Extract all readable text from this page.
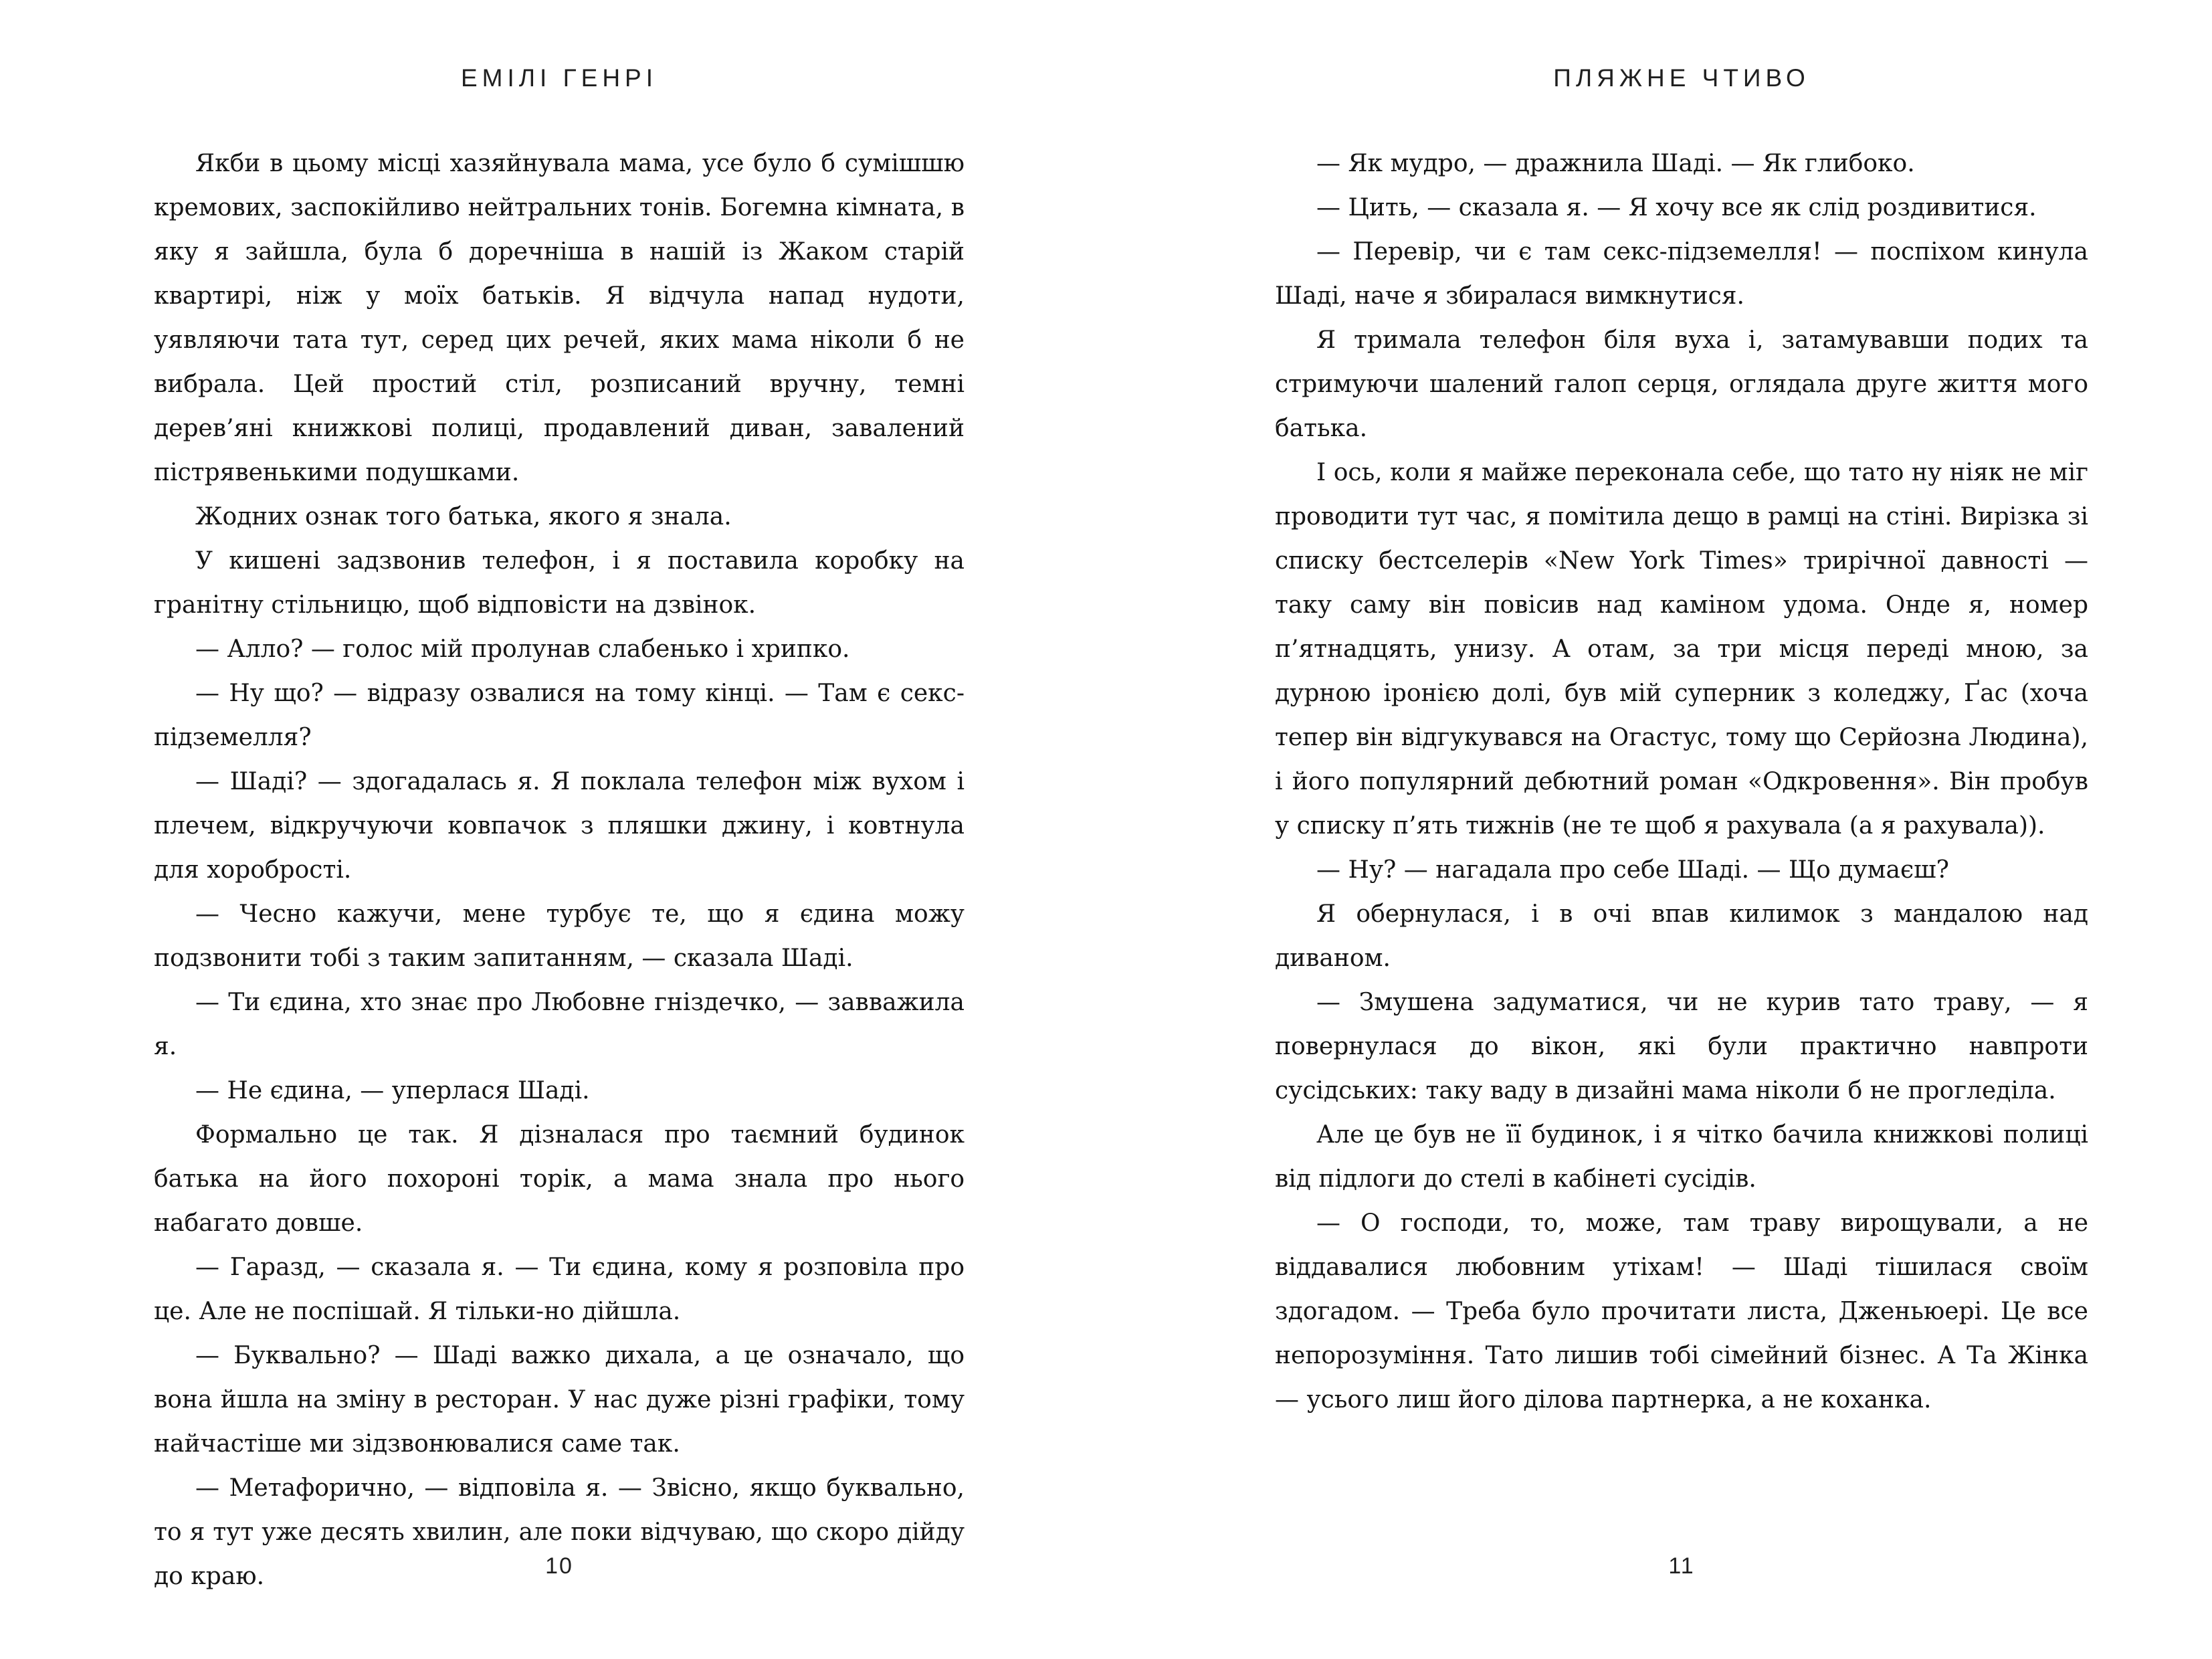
ЕМІЛІ ГЕНРІ

Якби в цьому місці хазяйнувала мама, усе було б сумішшю кремових, заспокійливо нейтральних тонів. Богемна кімната, в яку я зайшла, була б доречніша в нашій із Жаком старій квартирі, ніж у моїх батьків. Я відчула напад нудоти, уявляючи тата тут, серед цих речей, яких мама ніколи б не вибрала. Цей простий стіл, розписаний вручну, темні дерев’яні книжкові полиці, продавлений диван, завалений пістрявенькими подушками.

Жодних ознак того батька, якого я знала.

У кишені задзвонив телефон, і я поставила коробку на гранітну стільницю, щоб відповісти на дзвінок.

— Алло? — голос мій пролунав слабенько і хрипко.

— Ну що? — відразу озвалися на тому кінці. — Там є секс-підземелля?

— Шаді? — здогадалась я. Я поклала телефон між вухом і плечем, відкручуючи ковпачок з пляшки джину, і ковтнула для хоробрості.

— Чесно кажучи, мене турбує те, що я єдина можу подзвонити тобі з таким запитанням, — сказала Шаді.

— Ти єдина, хто знає про Любовне гніздечко, — завважила я.

— Не єдина, — уперлася Шаді.

Формально це так. Я дізналася про таємний будинок батька на його похороні торік, а мама знала про нього набагато довше.

— Гаразд, — сказала я. — Ти єдина, кому я розповіла про це. Але не поспішай. Я тільки-но дійшла.

— Буквально? — Шаді важко дихала, а це означало, що вона йшла на зміну в ресторан. У нас дуже різні графіки, тому найчастіше ми зідзвонювалися саме так.

— Метафорично, — відповіла я. — Звісно, якщо буквально, то я тут уже десять хвилин, але поки відчуваю, що скоро дійду до краю.	10
ПЛЯЖНЕ ЧТИВО

— Як мудро, — дражнила Шаді. — Як глибоко.

— Цить, — сказала я. — Я хочу все як слід роздивитися.

— Перевір, чи є там секс-підземелля! — поспіхом кинула Шаді, наче я збиралася вимкнутися.

Я тримала телефон біля вуха і, затамувавши подих та стримуючи шалений галоп серця, оглядала друге життя мого батька.

І ось, коли я майже переконала себе, що тато ну ніяк не міг проводити тут час, я помітила дещо в рамці на стіні. Вирізка зі списку бестселерів «New York Times» трирічної давності — таку саму він повісив над каміном удома. Онде я, номер п’ятнадцять, унизу. А отам, за три місця переді мною, за дурною іронією долі, був мій суперник з коледжу, Ґас (хоча тепер він відгукувався на Огастус, тому що Серйозна Людина), і його популярний дебютний роман «Одкровення». Він пробув у списку п’ять тижнів (не те щоб я рахувала (а я рахувала)).

— Ну? — нагадала про себе Шаді. — Що думаєш?

Я обернулася, і в очі впав килимок з мандалою над диваном.

— Змушена задуматися, чи не курив тато траву, — я повернулася до вікон, які були практично навпроти сусідських: таку ваду в дизайні мама ніколи б не прогледіла.

Але це був не її будинок, і я чітко бачила книжкові полиці від підлоги до стелі в кабінеті сусідів.

— О господи, то, може, там траву вирощували, а не віддавалися любовним утіхам! — Шаді тішилася своїм здогадом. — Треба було прочитати листа, Дженьюері. Це все непорозуміння. Тато лишив тобі сімейний бізнес. А Та Жінка — усього лиш його ділова партнерка, а не коханка.

11
